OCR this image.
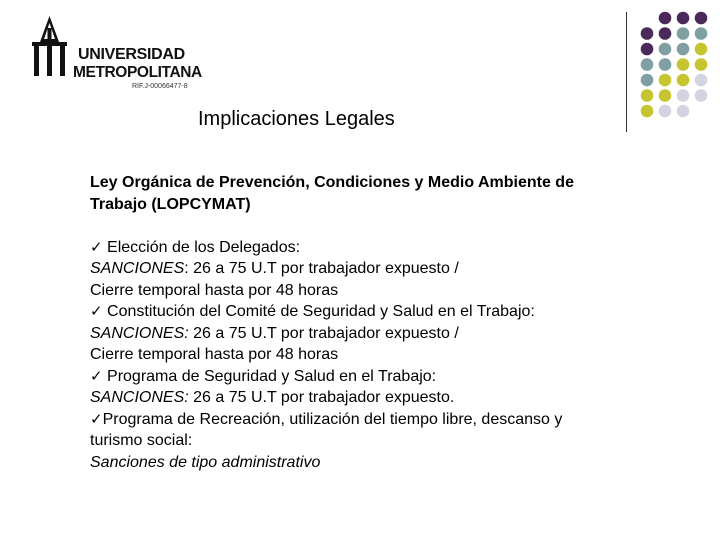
UNIVERSIDAD
METROPOLITANA
RIF.J-00066477-8
Implicaciones Legales
Ley Orgánica de Prevención, Condiciones y Medio Ambiente de
Trabajo (LOPCYMAT)
✓ Elección de los Delegados:
SANCIONES: 26 a 75 U.T por trabajador expuesto /
Cierre temporal hasta por 48 horas
✓ Constitución del Comité de Seguridad y Salud en el Trabajo:
SANCIONES: 26 a 75 U.T por trabajador expuesto /
Cierre temporal hasta por 48 horas
✓ Programa de Seguridad y Salud en el Trabajo:
SANCIONES: 26 a 75 U.T por trabajador expuesto.
✓Programa de Recreación, utilización del tiempo libre, descanso y
turismo social:
Sanciones de tipo administrativo
